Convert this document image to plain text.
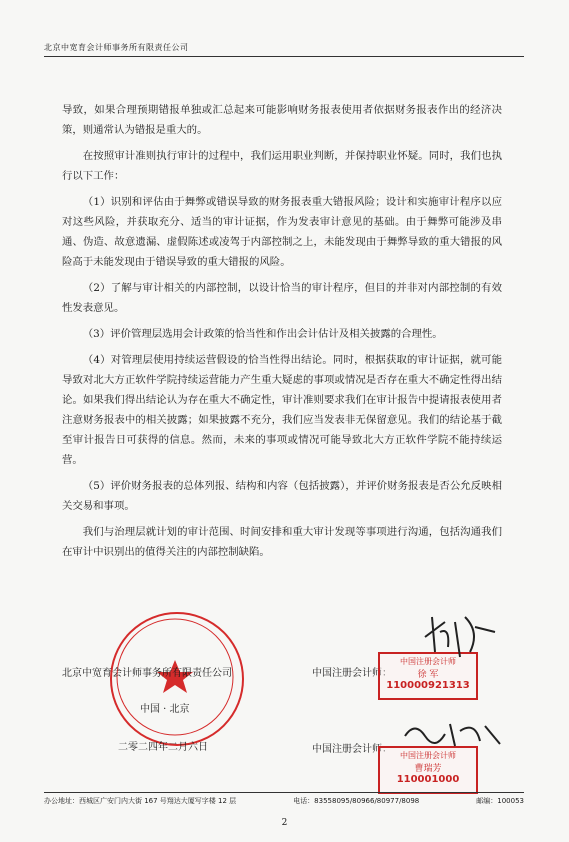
北京中宽育会计师事务所有限责任公司

导致，如果合理预期错报单独或汇总起来可能影响财务报表使用者依据财务报表作出的经济决策，则通常认为错报是重大的。

在按照审计准则执行审计的过程中，我们运用职业判断，并保持职业怀疑。同时，我们也执行以下工作：

（1）识别和评估由于舞弊或错误导致的财务报表重大错报风险；设计和实施审计程序以应对这些风险，并获取充分、适当的审计证据，作为发表审计意见的基础。由于舞弊可能涉及串通、伪造、故意遗漏、虚假陈述或凌驾于内部控制之上，未能发现由于舞弊导致的重大错报的风险高于未能发现由于错误导致的重大错报的风险。

（2）了解与审计相关的内部控制，以设计恰当的审计程序，但目的并非对内部控制的有效性发表意见。

（3）评价管理层选用会计政策的恰当性和作出会计估计及相关披露的合理性。

（4）对管理层使用持续运营假设的恰当性得出结论。同时，根据获取的审计证据，就可能导致对北大方正软件学院持续运营能力产生重大疑虑的事项或情况是否存在重大不确定性得出结论。如果我们得出结论认为存在重大不确定性，审计准则要求我们在审计报告中提请报表使用者注意财务报表中的相关披露；如果披露不充分，我们应当发表非无保留意见。我们的结论基于截至审计报告日可获得的信息。然而，未来的事项或情况可能导致北大方正软件学院不能持续运营。

（5）评价财务报表的总体列报、结构和内容（包括披露），并评价财务报表是否公允反映相关交易和事项。

我们与治理层就计划的审计范围、时间安排和重大审计发现等事项进行沟通，包括沟通我们在审计中识别出的值得关注的内部控制缺陷。

北京中宽育会计师事务所有限责任公司
中国 · 北京
二零二四年二月六日
中国注册会计师：
中国注册会计师
徐 军
110000921313
中国注册会计师：
中国注册会计师
曹瑞芳
110001000
办公地址：西城区广安门内大街 167 号翔达大厦写字楼 12 层	电话：83558095/80966/80977/8098	邮编：100053
2
